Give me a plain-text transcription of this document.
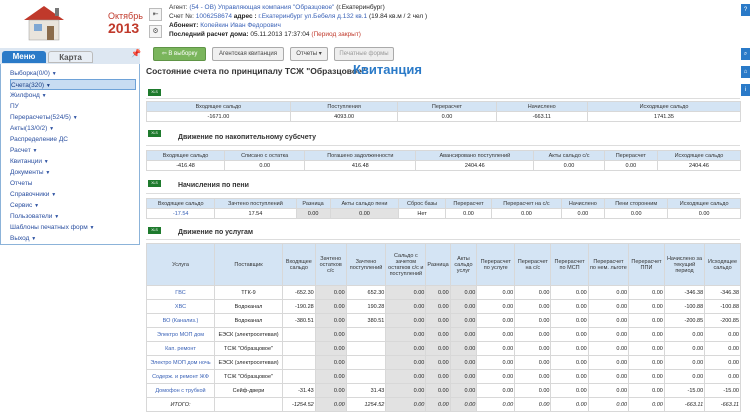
Октябрь
2013
⇤
⚙
Агент: (54 - ОВ) Управляющая компания "Образцовое" (г.Екатеринбург)
Счет №: 1006258674 адрес : г.Екатеринбург ул.Бебеля д.132 кв.1 (19.84 кв.м / 2 чел )
Абонент: Копейкин Иван Федорович
Последний расчет дома: 05.11.2013 17:37:04 (Период закрыт)
?
⌕
⌂
i
Меню	Карта	📌
Выборка(0/0) ▼
Счета(320) ▼
Жилфонд ▼
ПУ
Перерасчеты(524/5) ▼
Акты(13/0/2) ▼
Распределение ДС
Расчет ▼
Квитанции ▼
Документы ▼
Отчеты
Справочники ▼
Сервис ▼
Пользователи ▼
Шаблоны печатных форм ▼
Выход ▼
⇦ В выборку	Агентская квитанция	Отчеты ▾	Печатные формы
Состояние счета по принципалу ТСЖ "Образцовое".
Квитанция
XLS
Входящее сальдо	Поступления	Перерасчет	Начислено	Исходящее сальдо
-1671.00	4093.00	0.00	-663.11	1741.35
XLS
Движение по накопительному субсчету
Входящее сальдо	Списано с остатка	Погашено задолженности	Авансировано поступлений	Акты сальдо с/с	Перерасчет	Исходящее сальдо
-416.48	0.00	416.48	2404.46	0.00	0.00	2404.46
XLS	Начисления по пени
Входящее сальдо	Зачтено поступлений	Разница	Акты сальдо пени	Сброс базы	Перерасчет	Перерасчет на с/с	Начислено	Пени сторонним	Исходящее сальдо
-17.54	17.54	0.00	0.00	Нет	0.00	0.00	0.00	0.00	0.00
XLS	Движение по услугам
Услуга	Поставщик	Входящее сальдо	Зачтено остатков с/с	Зачтено поступлений	Сальдо с зачетом остатков с/с и поступлений	Разница	Акты сальдо услуг	Перерасчет по услуге	Перерасчет на с/с	Перерасчет по МСП	Перерасчет по нем. льготе	Перерасчет ППИ	Начислено за текущий период	Исходящее сальдо
ГВС	ТГК-9	-652.30	0.00	652.30	0.00	0.00	0.00	0.00	0.00	0.00	0.00	0.00	-346.38	-346.38
ХВС	Водоканал	-190.28	0.00	190.28	0.00	0.00	0.00	0.00	0.00	0.00	0.00	0.00	-100.88	-100.88
ВО (Канализ.)	Водоканал	-380.51	0.00	380.51	0.00	0.00	0.00	0.00	0.00	0.00	0.00	0.00	-200.85	-200.85
Электро МОП дом	ЕЭСК (электросетевая)		0.00		0.00	0.00	0.00	0.00	0.00	0.00	0.00	0.00	0.00	0.00
Кап. ремонт	ТСЖ "Образцовое"		0.00		0.00	0.00	0.00	0.00	0.00	0.00	0.00	0.00	0.00	0.00
Электро МОП дом ночь	ЕЭСК (электросетевая)		0.00		0.00	0.00	0.00	0.00	0.00	0.00	0.00	0.00	0.00	0.00
Содерж. и ремонт ЖФ	ТСЖ "Образцовое"		0.00		0.00	0.00	0.00	0.00	0.00	0.00	0.00	0.00	0.00	0.00
Домофон с трубкой	Сейф-двери	-31.43	0.00	31.43	0.00	0.00	0.00	0.00	0.00	0.00	0.00	0.00	-15.00	-15.00
ИТОГО:		-1254.52	0.00	1254.52	0.00	0.00	0.00	0.00	0.00	0.00	0.00	0.00	-663.11	-663.11
